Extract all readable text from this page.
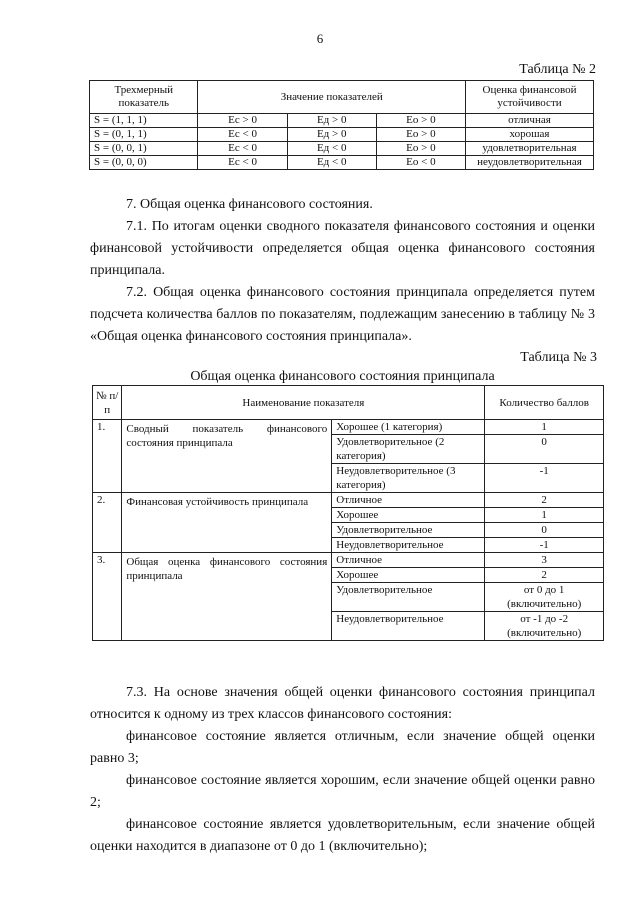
6
Таблица № 2
Трехмерный показатель	Значение показателей			Оценка финансовой устойчивости
S = (1, 1, 1)	Ес > 0	Ед > 0	Ео > 0	отличная
S = (0, 1, 1)	Ес < 0	Ед > 0	Ео > 0	хорошая
S = (0, 0, 1)	Ес < 0	Ед < 0	Ео > 0	удовлетворительная
S = (0, 0, 0)	Ес < 0	Ед < 0	Ео < 0	неудовлетворительная
7. Общая оценка финансового состояния.
7.1. По итогам оценки сводного показателя финансового состояния и оценки финансовой устойчивости определяется общая оценка финансового состояния принципала.
7.2. Общая оценка финансового состояния принципала определяется путем подсчета количества баллов по показателям, подлежащим занесению в таблицу № 3 «Общая оценка финансового состояния принципала».
Таблица № 3
Общая оценка финансового состояния принципала
№ п/п	Наименование показателя		Количество баллов
1.	Сводный показатель финансового состояния принципала	Хорошее (1 категория)	1
		Удовлетворительное (2 категория)	0
		Неудовлетворительное (3 категория)	-1
2.	Финансовая устойчивость принципала	Отличное	2
		Хорошее	1
		Удовлетворительное	0
		Неудовлетворительное	-1
3.	Общая оценка финансового состояния принципала	Отличное	3
		Хорошее	2
		Удовлетворительное	от 0 до 1 (включительно)
		Неудовлетворительное	от -1 до -2 (включительно)
7.3. На основе значения общей оценки финансового состояния принципал относится к одному из трех классов финансового состояния:
финансовое состояние является отличным, если значение общей оценки равно 3;
финансовое состояние является хорошим, если значение общей оценки равно 2;
финансовое состояние является удовлетворительным, если значение общей оценки находится в диапазоне от 0 до 1 (включительно);
